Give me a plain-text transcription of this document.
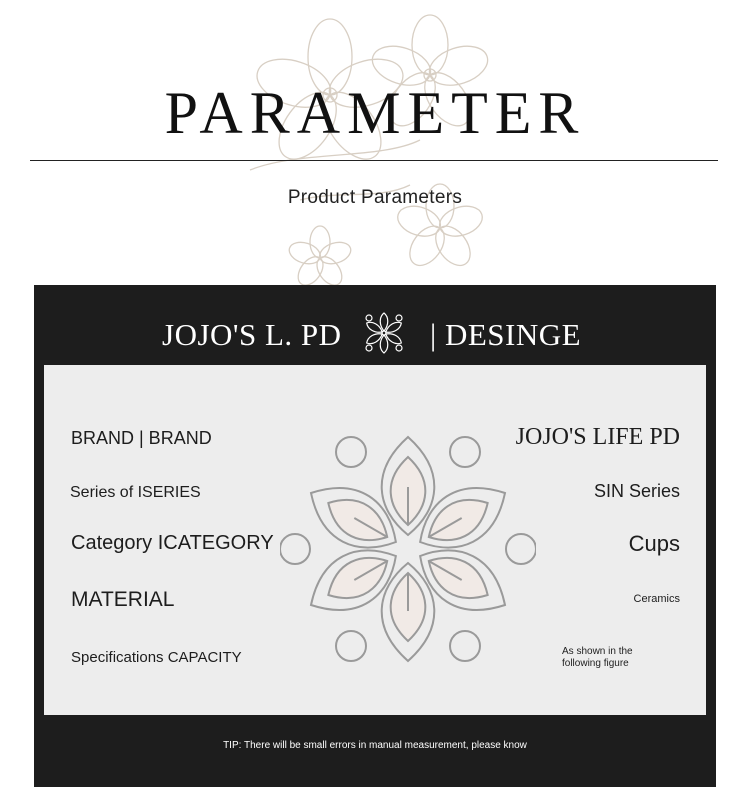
PARAMETER
Product Parameters
JOJO'S L. PD	| DESINGE
BRAND | BRAND
Series of ISERIES
Category ICATEGORY
MATERIAL
Specifications CAPACITY
JOJO'S LIFE PD
SIN Series
Cups
Ceramics
As shown in the
following figure
TIP: There will be small errors in manual measurement, please know
